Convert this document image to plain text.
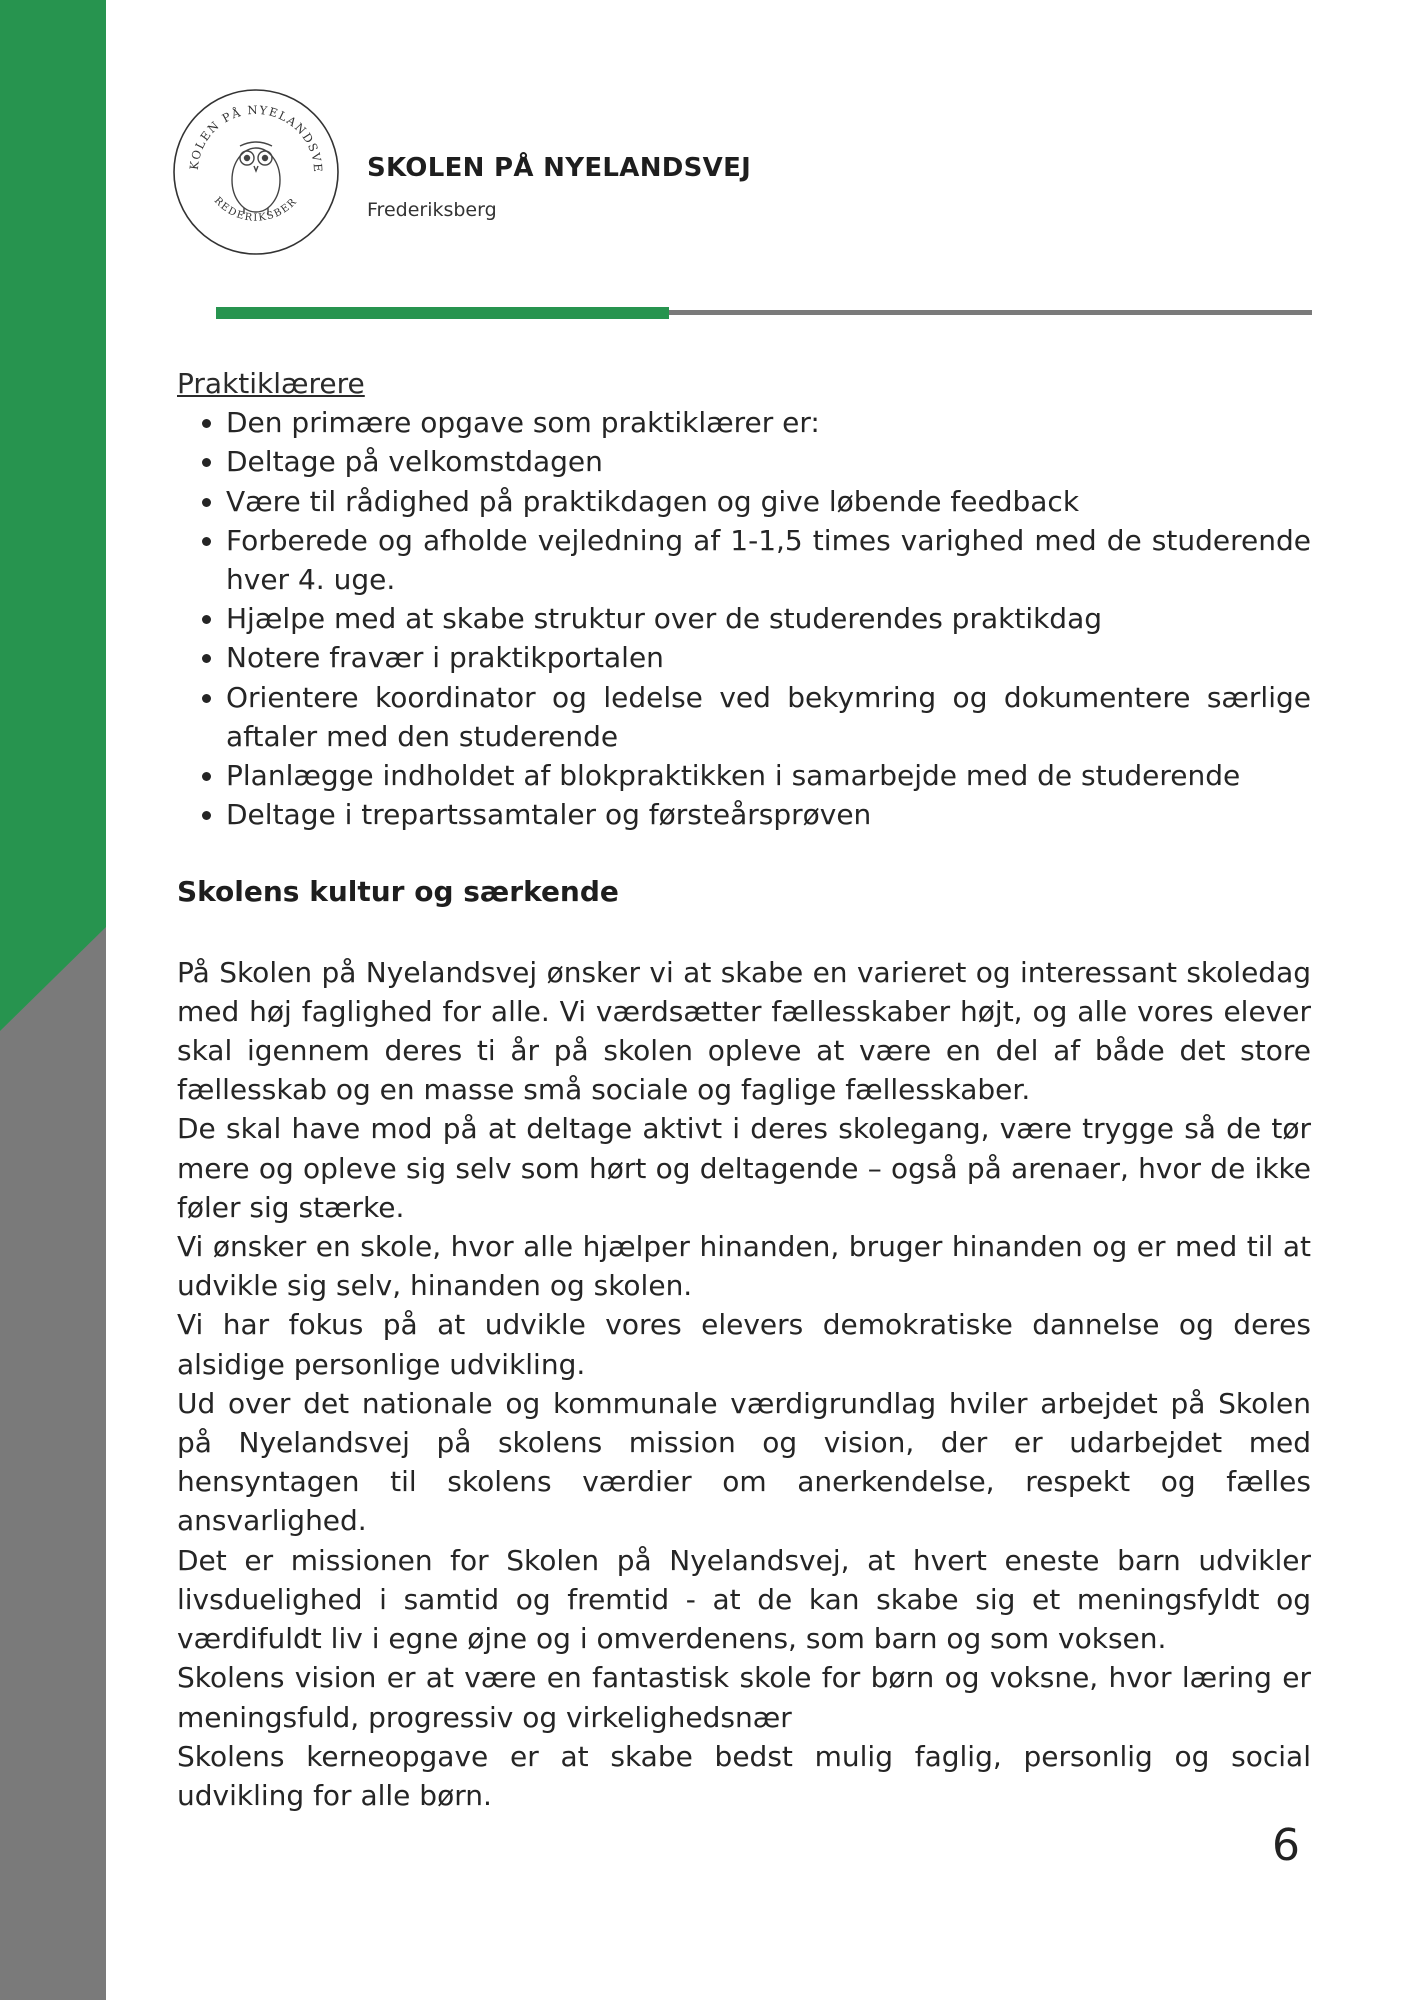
KOLEN PÅ NYELANDSVE
REDERIKSBER

SKOLEN PÅ NYELANDSVEJ

Frederiksberg

Praktiklærere

• Den primære opgave som praktiklærer er:
• Deltage på velkomstdagen
• Være til rådighed på praktikdagen og give løbende feedback
• Forberede og afholde vejledning af 1-1,5 times varighed med de studerende hver 4. uge.
• Hjælpe med at skabe struktur over de studerendes praktikdag
• Notere fravær i praktikportalen
• Orientere koordinator og ledelse ved bekymring og dokumentere særlige aftaler med den studerende
• Planlægge indholdet af blokpraktikken i samarbejde med de studerende
• Deltage i trepartssamtaler og førsteårsprøven
Skolens kultur og særkende

På Skolen på Nyelandsvej ønsker vi at skabe en varieret og interessant skoledag med høj faglighed for alle. Vi værdsætter fællesskaber højt, og alle vores elever skal igennem deres ti år på skolen opleve at være en del af både det store fællesskab og en masse små sociale og faglige fællesskaber.

De skal have mod på at deltage aktivt i deres skolegang, være trygge så de tør mere og opleve sig selv som hørt og deltagende – også på arenaer, hvor de ikke føler sig stærke.

Vi ønsker en skole, hvor alle hjælper hinanden, bruger hinanden og er med til at udvikle sig selv, hinanden og skolen.

Vi har fokus på at udvikle vores elevers demokratiske dannelse og deres alsidige personlige udvikling.

Ud over det nationale og kommunale værdigrundlag hviler arbejdet på Skolen på Nyelandsvej på skolens mission og vision, der er udarbejdet med hensyntagen til skolens værdier om anerkendelse, respekt og fælles ansvarlighed.

Det er missionen for Skolen på Nyelandsvej, at hvert eneste barn udvikler livsduelighed i samtid og fremtid - at de kan skabe sig et meningsfyldt og værdifuldt liv i egne øjne og i omverdenens, som barn og som voksen.

Skolens vision er at være en fantastisk skole for børn og voksne, hvor læring er meningsfuld, progressiv og virkelighedsnær

Skolens kerneopgave er at skabe bedst mulig faglig, personlig og social udvikling for alle børn.

6
